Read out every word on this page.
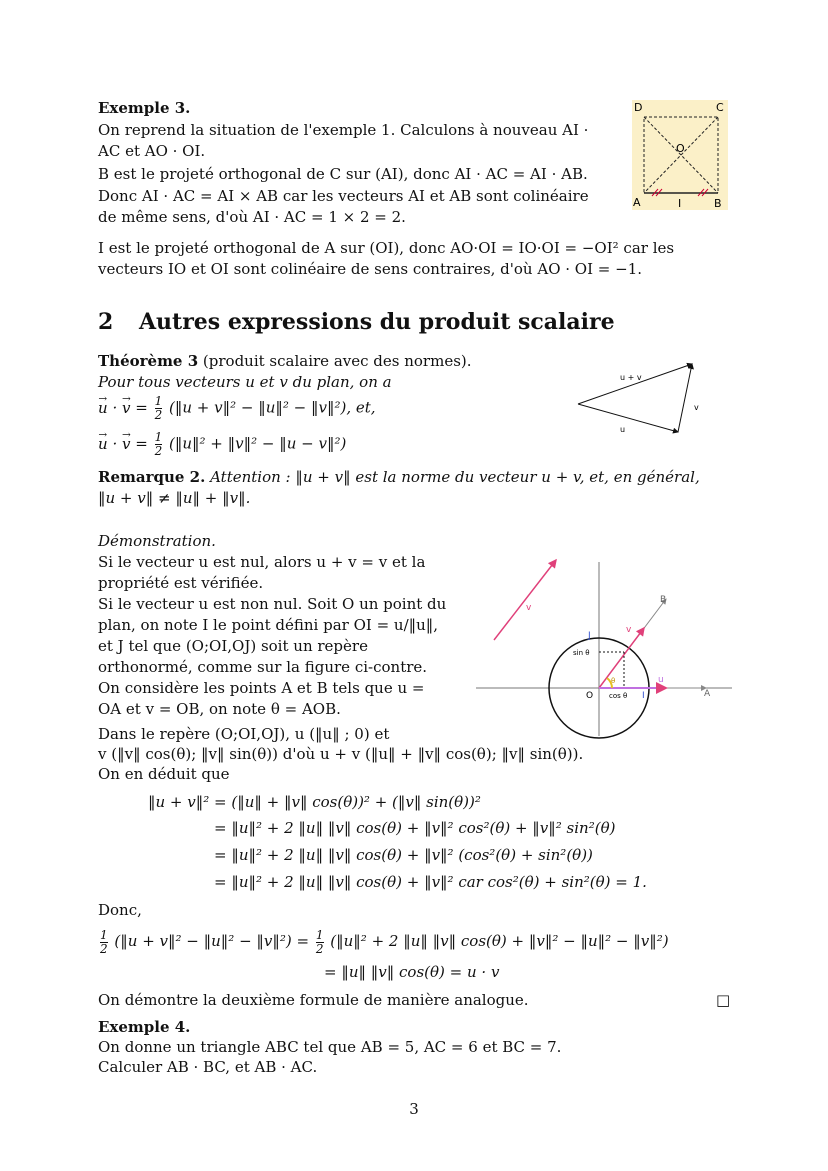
Exemple 3.
On reprend la situation de l'exemple 1. Calculons à nouveau AI · AC et AO · OI.
B est le projeté orthogonal de C sur (AI), donc AI · AC = AI · AB.
Donc AI · AC = AI × AB car les vecteurs AI et AB sont colinéaire de même sens, d'où AI · AC = 1 × 2 = 2.
I est le projeté orthogonal de A sur (OI), donc AO·OI = IO·OI = −OI² car les vecteurs IO et OI sont colinéaire de sens contraires, d'où AO · OI = −1.
D	C
A	B
O
I
2 Autres expressions du produit scalaire
Théorème 3 (produit scalaire avec des normes).
Pour tous vecteurs u et v du plan, on a
→ u · → $v = \frac{1}{2}$ (‖u + v‖² − ‖u‖² − ‖v‖²), et,
→ u · → $v = \frac{1}{2}$ (‖u‖² + ‖v‖² − ‖u − v‖²)
u + v
u
v
Remarque 2. Attention : ‖u + v‖ est la norme du vecteur u + v, et, en général, ‖u + v‖ ≠ ‖u‖ + ‖v‖.
Démonstration.
Si le vecteur u est nul, alors u + v = v et la propriété est vérifiée.
Si le vecteur u est non nul. Soit O un point du plan, on note I le point défini par OI = u/‖u‖, et J tel que (O;OI,OJ) soit un repère orthonormé, comme sur la figure ci-contre.
On considère les points A et B tels que u = OA et v = OB, on note θ = AOB.
Dans le repère (O;OI,OJ), u (‖u‖ ; 0) et
v (‖v‖ cos(θ); ‖v‖ sin(θ)) d'où u + v (‖u‖ + ‖v‖ cos(θ); ‖v‖ sin(θ)).
On en déduit que
v
v
u
B
J
O	I	A
sin θ
cos θ
θ
‖u + v‖² = (‖u‖ + ‖v‖ cos(θ))² + (‖v‖ sin(θ))²
= ‖u‖² + 2 ‖u‖ ‖v‖ cos(θ) + ‖v‖² cos²(θ) + ‖v‖² sin²(θ)
= ‖u‖² + 2 ‖u‖ ‖v‖ cos(θ) + ‖v‖² (cos²(θ) + sin²(θ))
= ‖u‖² + 2 ‖u‖ ‖v‖ cos(θ) + ‖v‖² car cos²(θ) + sin²(θ) = 1.
Donc,
$\frac{1}{2}$ (‖u + v‖² − ‖u‖² − ‖v‖²) = $\frac{1}{2}$ (‖u‖² + 2 ‖u‖ ‖v‖ cos(θ) + ‖v‖² − ‖u‖² − ‖v‖²)
= ‖u‖ ‖v‖ cos(θ) = u · v
On démontre la deuxième formule de manière analogue.	□
Exemple 4.
On donne un triangle ABC tel que AB = 5, AC = 6 et BC = 7.
Calculer AB · BC, et AB · AC.
3
